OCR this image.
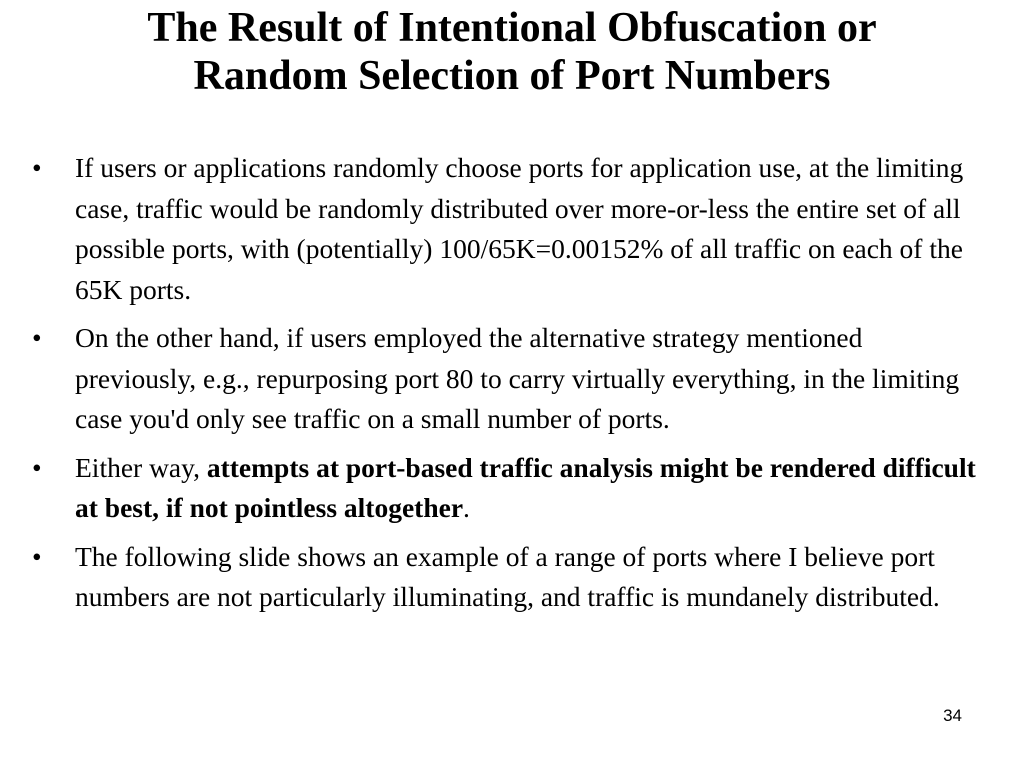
The Result of Intentional Obfuscation or
Random Selection of Port Numbers
• If users or applications randomly choose ports for application use, at the limiting case, traffic would be randomly distributed over more-or-less the entire set of all possible ports, with (potentially) 100/65K=0.00152% of all traffic on each of the 65K ports.
• On the other hand, if users employed the alternative strategy mentioned previously, e.g., repurposing port 80 to carry virtually everything, in the limiting case you'd only see traffic on a small number of ports.
• Either way, attempts at port-based traffic analysis might be rendered difficult at best, if not pointless altogether.
• The following slide shows an example of a range of ports where I believe port numbers are not particularly illuminating, and traffic is mundanely distributed.
34
